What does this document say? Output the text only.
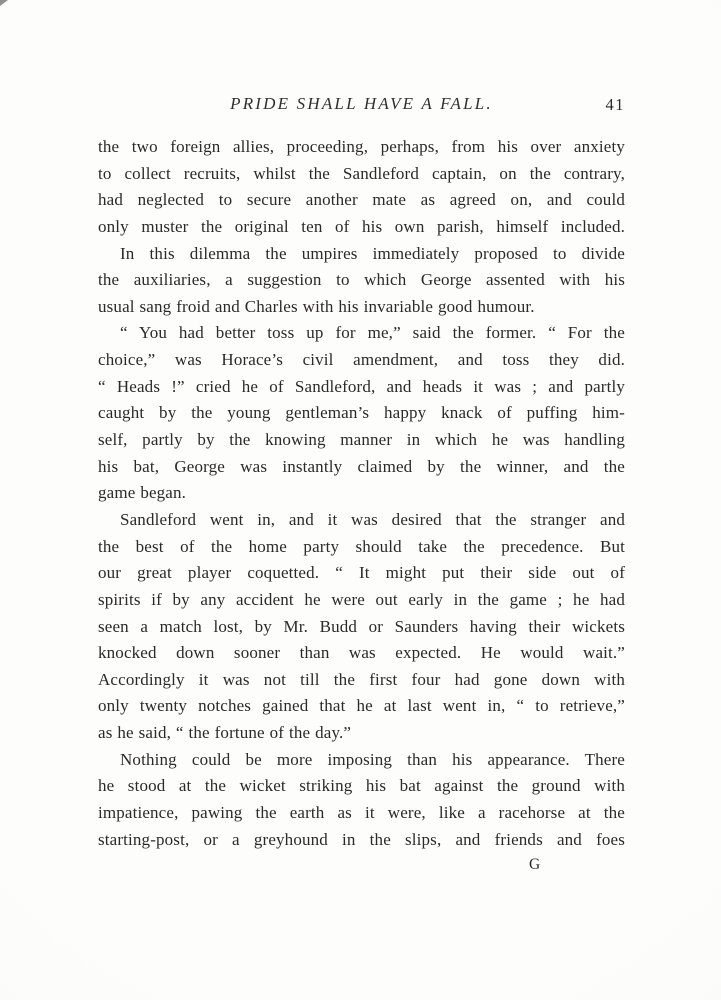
PRIDE SHALL HAVE A FALL.	41
the two foreign allies, proceeding, perhaps, from his over anxiety
to collect recruits, whilst the Sandleford captain, on the contrary,
had neglected to secure another mate as agreed on, and could
only muster the original ten of his own parish, himself included.
In this dilemma the umpires immediately proposed to divide
the auxiliaries, a suggestion to which George assented with his
usual sang froid and Charles with his invariable good humour.
“ You had better toss up for me,” said the former. “ For the
choice,” was Horace’s civil amendment, and toss they did.
“ Heads !” cried he of Sandleford, and heads it was ; and partly
caught by the young gentleman’s happy knack of puffing him-
self, partly by the knowing manner in which he was handling
his bat, George was instantly claimed by the winner, and the
game began.
Sandleford went in, and it was desired that the stranger and
the best of the home party should take the precedence. But
our great player coquetted. “ It might put their side out of
spirits if by any accident he were out early in the game ; he had
seen a match lost, by Mr. Budd or Saunders having their wickets
knocked down sooner than was expected. He would wait.”
Accordingly it was not till the first four had gone down with
only twenty notches gained that he at last went in, “ to retrieve,”
as he said, “ the fortune of the day.”
Nothing could be more imposing than his appearance. There
he stood at the wicket striking his bat against the ground with
impatience, pawing the earth as it were, like a racehorse at the
starting-post, or a greyhound in the slips, and friends and foes
G
